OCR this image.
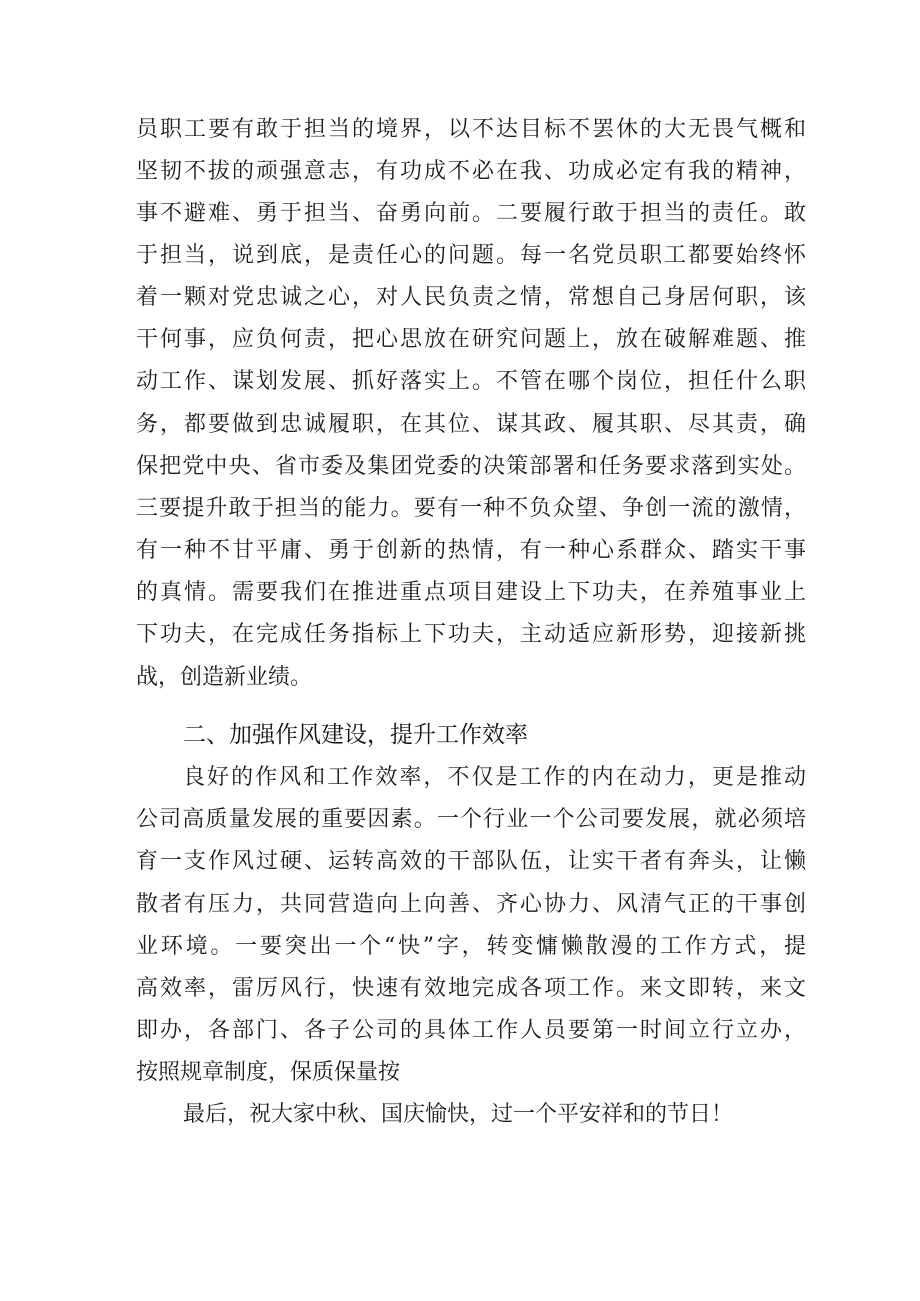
员职工要有敢于担当的境界，以不达目标不罢休的大无畏气概和
坚韧不拔的顽强意志，有功成不必在我、功成必定有我的精神，
事不避难、勇于担当、奋勇向前。二要履行敢于担当的责任。敢
于担当，说到底，是责任心的问题。每一名党员职工都要始终怀
着一颗对党忠诚之心，对人民负责之情，常想自己身居何职，该
干何事，应负何责，把心思放在研究问题上，放在破解难题、推
动工作、谋划发展、抓好落实上。不管在哪个岗位，担任什么职
务，都要做到忠诚履职，在其位、谋其政、履其职、尽其责，确
保把党中央、省市委及集团党委的决策部署和任务要求落到实处。
三要提升敢于担当的能力。要有一种不负众望、争创一流的激情，
有一种不甘平庸、勇于创新的热情，有一种心系群众、踏实干事
的真情。需要我们在推进重点项目建设上下功夫，在养殖事业上
下功夫，在完成任务指标上下功夫，主动适应新形势，迎接新挑
战，创造新业绩。
二、加强作风建设，提升工作效率
良好的作风和工作效率，不仅是工作的内在动力，更是推动
公司高质量发展的重要因素。一个行业一个公司要发展，就必须培
育一支作风过硬、运转高效的干部队伍，让实干者有奔头，让懒
散者有压力，共同营造向上向善、齐心协力、风清气正的干事创
业环境。一要突出一个“快”字，转变慵懒散漫的工作方式，提
高效率，雷厉风行，快速有效地完成各项工作。来文即转，来文
即办，各部门、各子公司的具体工作人员要第一时间立行立办，
按照规章制度，保质保量按
最后，祝大家中秋、国庆愉快，过一个平安祥和的节日！
